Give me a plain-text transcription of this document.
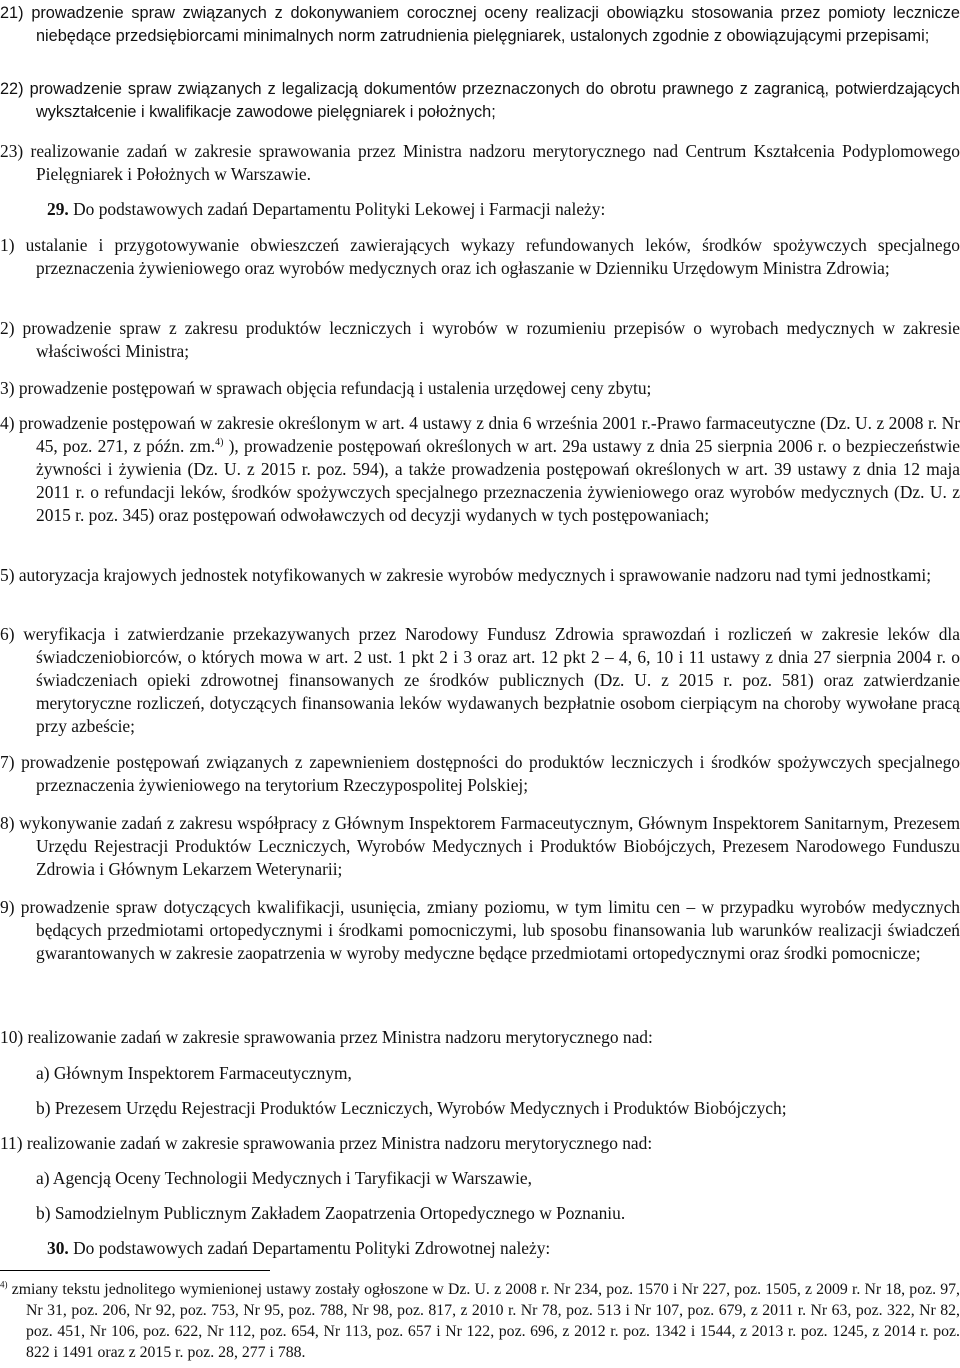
21) prowadzenie spraw związanych z dokonywaniem corocznej oceny realizacji obowiązku stosowania przez pomioty lecznicze niebędące przedsiębiorcami minimalnych norm zatrudnienia pielęgniarek, ustalonych zgodnie z obowiązującymi przepisami;

22) prowadzenie spraw związanych z legalizacją dokumentów przeznaczonych do obrotu prawnego z zagranicą, potwierdzających wykształcenie i kwalifikacje zawodowe pielęgniarek i położnych;

23) realizowanie zadań w zakresie sprawowania przez Ministra nadzoru merytorycznego nad Centrum Kształcenia Podyplomowego Pielęgniarek i Położnych w Warszawie.

29. Do podstawowych zadań Departamentu Polityki Lekowej i Farmacji należy:

1) ustalanie i przygotowywanie obwieszczeń zawierających wykazy refundowanych leków, środków spożywczych specjalnego przeznaczenia żywieniowego oraz wyrobów medycznych oraz ich ogłaszanie w Dzienniku Urzędowym Ministra Zdrowia;

2) prowadzenie spraw z zakresu produktów leczniczych i wyrobów w rozumieniu przepisów o wyrobach medycznych w zakresie właściwości Ministra;

3) prowadzenie postępowań w sprawach objęcia refundacją i ustalenia urzędowej ceny zbytu;

4) prowadzenie postępowań w zakresie określonym w art. 4 ustawy z dnia 6 września 2001 r.-Prawo farmaceutyczne (Dz. U. z 2008 r. Nr 45, poz. 271, z późn. zm.$^{4)}$ ), prowadzenie postępowań określonych w art. 29a ustawy z dnia 25 sierpnia 2006 r. o bezpieczeństwie żywności i żywienia (Dz. U. z 2015 r. poz. 594), a także prowadzenia postępowań określonych w art. 39 ustawy z dnia 12 maja 2011 r. o refundacji leków, środków spożywczych specjalnego przeznaczenia żywieniowego oraz wyrobów medycznych (Dz. U. z 2015 r. poz. 345) oraz postępowań odwoławczych od decyzji wydanych w tych postępowaniach;

5) autoryzacja krajowych jednostek notyfikowanych w zakresie wyrobów medycznych i sprawowanie nadzoru nad tymi jednostkami;

6) weryfikacja i zatwierdzanie przekazywanych przez Narodowy Fundusz Zdrowia sprawozdań i rozliczeń w zakresie leków dla świadczeniobiorców, o których mowa w art. 2 ust. 1 pkt 2 i 3 oraz art. 12 pkt 2 – 4, 6, 10 i 11 ustawy z dnia 27 sierpnia 2004 r. o świadczeniach opieki zdrowotnej finansowanych ze środków publicznych (Dz. U. z 2015 r. poz. 581) oraz zatwierdzanie merytoryczne rozliczeń, dotyczących finansowania leków wydawanych bezpłatnie osobom cierpiącym na choroby wywołane pracą przy azbeście;

7) prowadzenie postępowań związanych z zapewnieniem dostępności do produktów leczniczych i środków spożywczych specjalnego przeznaczenia żywieniowego na terytorium Rzeczypospolitej Polskiej;

8) wykonywanie zadań z zakresu współpracy z Głównym Inspektorem Farmaceutycznym, Głównym Inspektorem Sanitarnym, Prezesem Urzędu Rejestracji Produktów Leczniczych, Wyrobów Medycznych i Produktów Biobójczych, Prezesem Narodowego Funduszu Zdrowia i Głównym Lekarzem Weterynarii;

9) prowadzenie spraw dotyczących kwalifikacji, usunięcia, zmiany poziomu, w tym limitu cen – w przypadku wyrobów medycznych będących przedmiotami ortopedycznymi i środkami pomocniczymi, lub sposobu finansowania lub warunków realizacji świadczeń gwarantowanych w zakresie zaopatrzenia w wyroby medyczne będące przedmiotami ortopedycznymi oraz środki pomocnicze;

10) realizowanie zadań w zakresie sprawowania przez Ministra nadzoru merytorycznego nad:

a) Głównym Inspektorem Farmaceutycznym,

b) Prezesem Urzędu Rejestracji Produktów Leczniczych, Wyrobów Medycznych i Produktów Biobójczych;

11) realizowanie zadań w zakresie sprawowania przez Ministra nadzoru merytorycznego nad:

a) Agencją Oceny Technologii Medycznych i Taryfikacji w Warszawie,

b) Samodzielnym Publicznym Zakładem Zaopatrzenia Ortopedycznego w Poznaniu.

30. Do podstawowych zadań Departamentu Polityki Zdrowotnej należy:

$^{4)}$ zmiany tekstu jednolitego wymienionej ustawy zostały ogłoszone w Dz. U. z 2008 r. Nr 234, poz. 1570 i Nr 227, poz. 1505, z 2009 r. Nr 18, poz. 97, Nr 31, poz. 206, Nr 92, poz. 753, Nr 95, poz. 788, Nr 98, poz. 817, z 2010 r. Nr 78, poz. 513 i Nr 107, poz. 679, z 2011 r. Nr 63, poz. 322, Nr 82, poz. 451, Nr 106, poz. 622, Nr 112, poz. 654, Nr 113, poz. 657 i Nr 122, poz. 696, z 2012 r. poz. 1342 i 1544, z 2013 r. poz. 1245, z 2014 r. poz. 822 i 1491 oraz z 2015 r. poz. 28, 277 i 788.
